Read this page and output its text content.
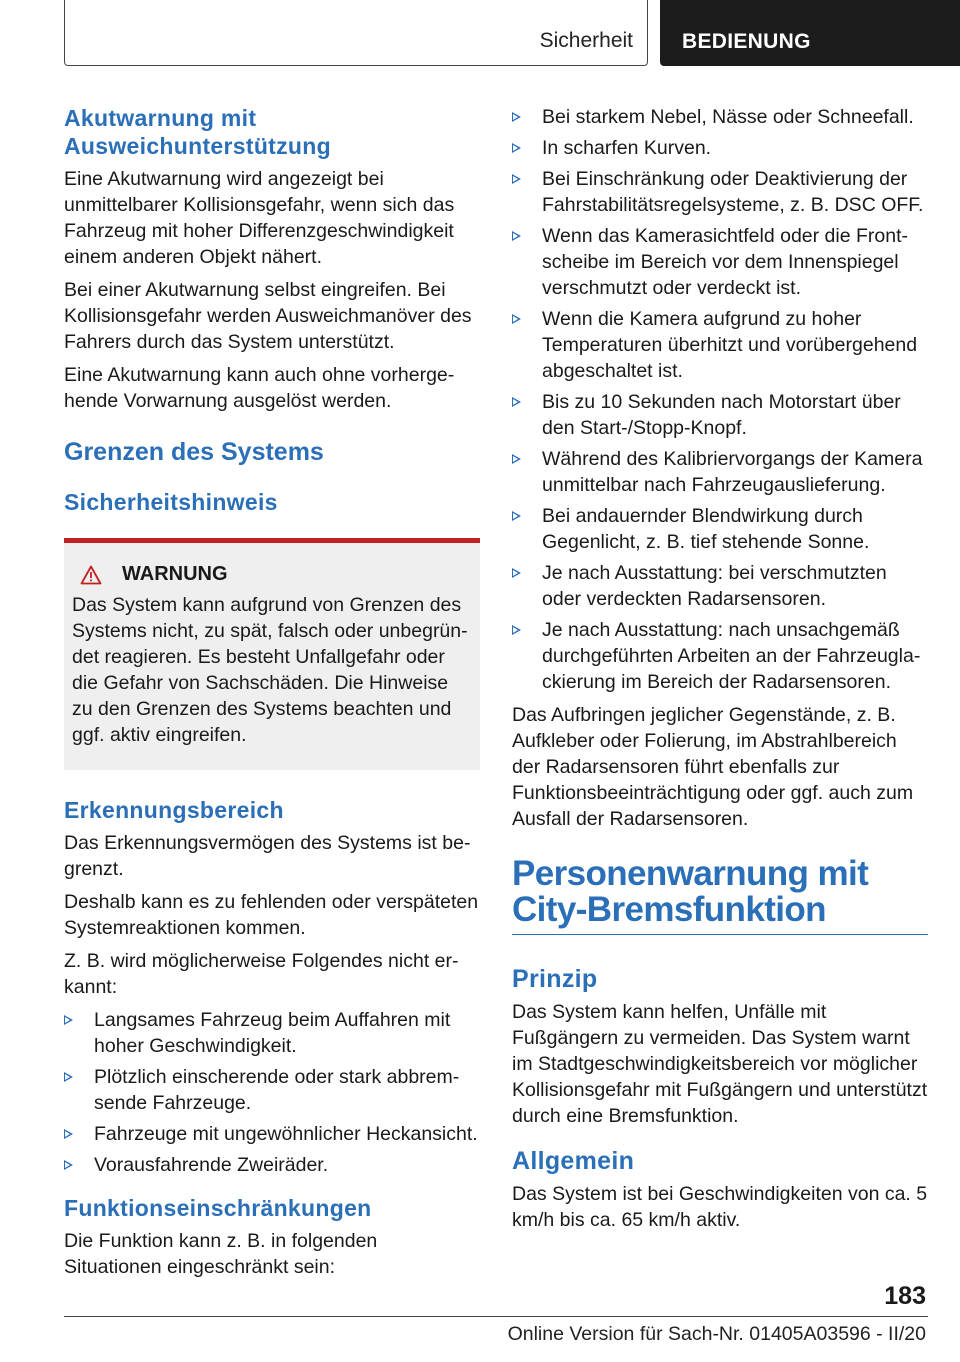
Sicherheit BEDIENUNG
Akutwarnung mit Ausweichunterstützung

Eine Akutwarnung wird angezeigt bei unmittelbarer Kollisionsgefahr, wenn sich das Fahrzeug mit hoher Differenzgeschwindigkeit einem anderen Objekt nähert.

Bei einer Akutwarnung selbst eingreifen. Bei Kollisionsgefahr werden Ausweichmanöver des Fahrers durch das System unterstützt.

Eine Akutwarnung kann auch ohne vorhergehende Vorwarnung ausgelöst werden.

Grenzen des Systems
Sicherheitshinweis
WARNUNG

Das System kann aufgrund von Grenzen des Systems nicht, zu spät, falsch oder unbegründet reagieren. Es besteht Unfallgefahr oder die Gefahr von Sachschäden. Die Hinweise zu den Grenzen des Systems beachten und ggf. aktiv eingreifen.

Erkennungsbereich

Das Erkennungsvermögen des Systems ist begrenzt.

Deshalb kann es zu fehlenden oder verspäteten Systemreaktionen kommen.

Z. B. wird möglicherweise Folgendes nicht erkannt:

Langsames Fahrzeug beim Auffahren mit hoher Geschwindigkeit.
Plötzlich einscherende oder stark abbremsende Fahrzeuge.
Fahrzeuge mit ungewöhnlicher Heckansicht.
Vorausfahrende Zweiräder.
Funktionseinschränkungen

Die Funktion kann z. B. in folgenden Situationen eingeschränkt sein:

Bei starkem Nebel, Nässe oder Schneefall.
In scharfen Kurven.
Bei Einschränkung oder Deaktivierung der Fahrstabilitätsregelsysteme, z. B. DSC OFF.
Wenn das Kamerasichtfeld oder die Frontscheibe im Bereich vor dem Innenspiegel verschmutzt oder verdeckt ist.
Wenn die Kamera aufgrund zu hoher Temperaturen überhitzt und vorübergehend abgeschaltet ist.
Bis zu 10 Sekunden nach Motorstart über den Start-/Stopp-Knopf.
Während des Kalibriervorgangs der Kamera unmittelbar nach Fahrzeugauslieferung.
Bei andauernder Blendwirkung durch Gegenlicht, z. B. tief stehende Sonne.
Je nach Ausstattung: bei verschmutzten oder verdeckten Radarsensoren.
Je nach Ausstattung: nach unsachgemäß durchgeführten Arbeiten an der Fahrzeuglackierung im Bereich der Radarsensoren.

Das Aufbringen jeglicher Gegenstände, z. B. Aufkleber oder Folierung, im Abstrahlbereich der Radarsensoren führt ebenfalls zur Funktionsbeeinträchtigung oder ggf. auch zum Ausfall der Radarsensoren.

Personenwarnung mit City-Bremsfunktion
Prinzip

Das System kann helfen, Unfälle mit Fußgängern zu vermeiden. Das System warnt im Stadtgeschwindigkeitsbereich vor möglicher Kollisionsgefahr mit Fußgängern und unterstützt durch eine Bremsfunktion.

Allgemein

Das System ist bei Geschwindigkeiten von ca. 5 km/h bis ca. 65 km/h aktiv.

183
Online Version für Sach-Nr. 01405A03596 - II/20
